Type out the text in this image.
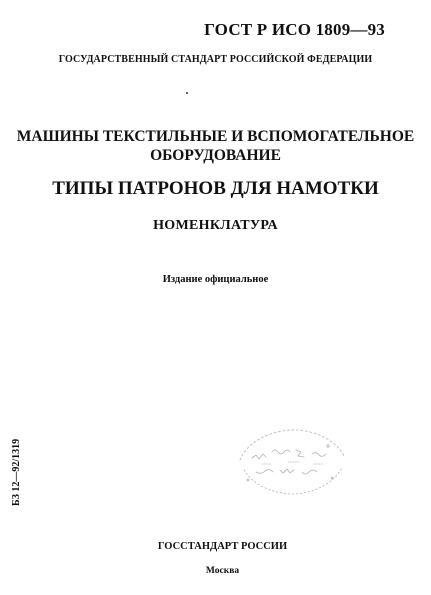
ГОСТ Р ИСО 1809—93
ГОСУДАРСТВЕННЫЙ СТАНДАРТ РОССИЙСКОЙ ФЕДЕРАЦИИ
МАШИНЫ ТЕКСТИЛЬНЫЕ И ВСПОМОГАТЕЛЬНОЕ
ОБОРУДОВАНИЕ
ТИПЫ ПАТРОНОВ ДЛЯ НАМОТКИ
НОМЕНКЛАТУРА
Издание официальное
БЗ 12—92/1319
ГОССТАНДАРТ РОССИИ
Москва
